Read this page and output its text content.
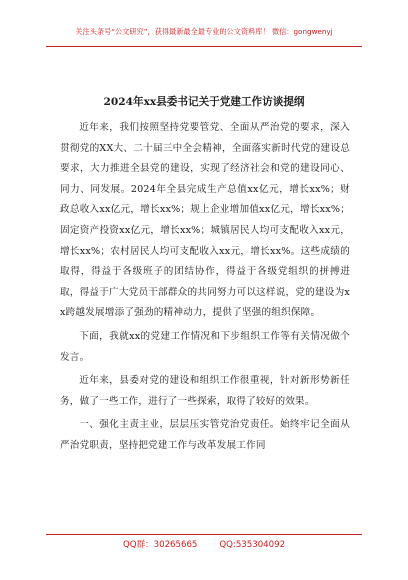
关注头条号“公文研究”，获得最新最全最专业的公文资料库！ 微信：gongwenyj
2024年xx县委书记关于党建工作访谈提纲

近年来，我们按照坚持党要管党、全面从严治党的要求，深入贯彻党的XX大、二十届三中全会精神，全面落实新时代党的建设总要求，大力推进全县党的建设，实现了经济社会和党的建设同心、同力、同发展。2024年全县完成生产总值xx亿元，增长xx%；财政总收入xx亿元，增长xx%；规上企业增加值xx亿元，增长xx%；固定资产投资xx亿元，增长xx%；城镇居民人均可支配收入xx元，增长xx%；农村居民人均可支配收入xx元，增长xx%。这些成绩的取得，得益于各级班子的团结协作，得益于各级党组织的拼搏进取，得益于广大党员干部群众的共同努力可以这样说，党的建设为xx跨越发展增添了强劲的精神动力，提供了坚强的组织保障。

下面，我就xx的党建工作情况和下步组织工作等有关情况做个发言。

近年来，县委对党的建设和组织工作很重视，针对新形势新任务，做了一些工作，进行了一些探索，取得了较好的效果。

一、强化主责主业，层层压实管党治党责任。始终牢记全面从严治党职责，坚持把党建工作与改革发展工作同

QQ群：30265665	QQ:535304092
